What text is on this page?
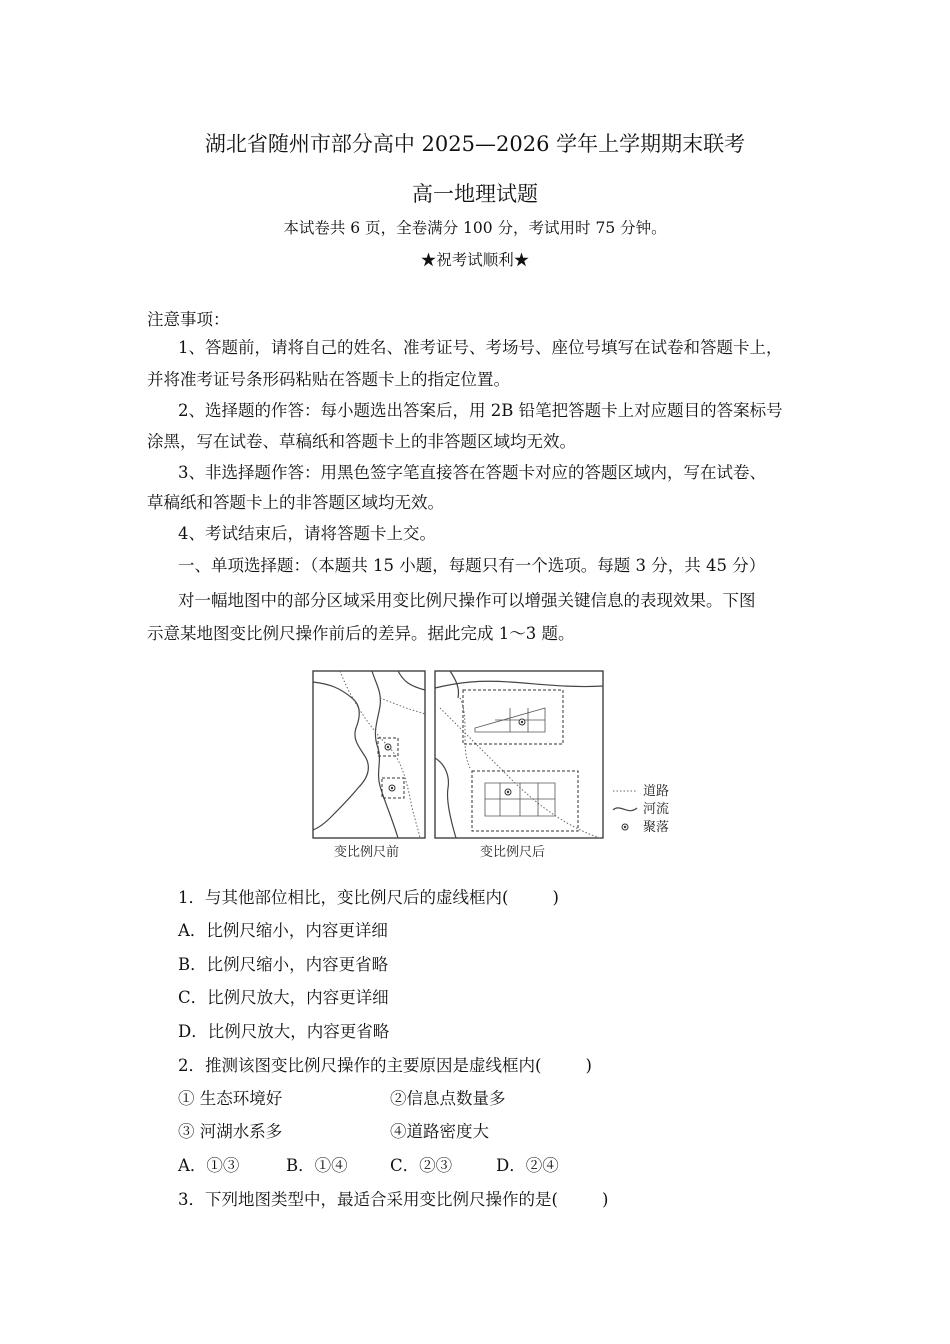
湖北省随州市部分高中 2025—2026 学年上学期期末联考
高一地理试题
本试卷共 6 页，全卷满分 100 分，考试用时 75 分钟。
★祝考试顺利★
注意事项：
1、答题前，请将自己的姓名、准考证号、考场号、座位号填写在试卷和答题卡上，
并将准考证号条形码粘贴在答题卡上的指定位置。
2、选择题的作答：每小题选出答案后，用 2B 铅笔把答题卡上对应题目的答案标号
涂黑，写在试卷、草稿纸和答题卡上的非答题区域均无效。
3、非选择题作答：用黑色签字笔直接答在答题卡对应的答题区域内，写在试卷、
草稿纸和答题卡上的非答题区域均无效。
4、考试结束后，请将答题卡上交。
一、单项选择题：（本题共 15 小题，每题只有一个选项。每题 3 分，共 45 分）
对一幅地图中的部分区域采用变比例尺操作可以增强关键信息的表现效果。下图
示意某地图变比例尺操作前后的差异。据此完成 1～3 题。
变比例尺前	变比例尺后
道路
河流
聚落
1．与其他部位相比，变比例尺后的虚线框内(	)
A．比例尺缩小，内容更详细
B．比例尺缩小，内容更省略
C．比例尺放大，内容更详细
D．比例尺放大，内容更省略
2．推测该图变比例尺操作的主要原因是虚线框内(	)
① 生态环境好	②信息点数量多
③ 河湖水系多	④道路密度大
A．①③	B．①④	C．②③	D．②④
3．下列地图类型中，最适合采用变比例尺操作的是(	)
